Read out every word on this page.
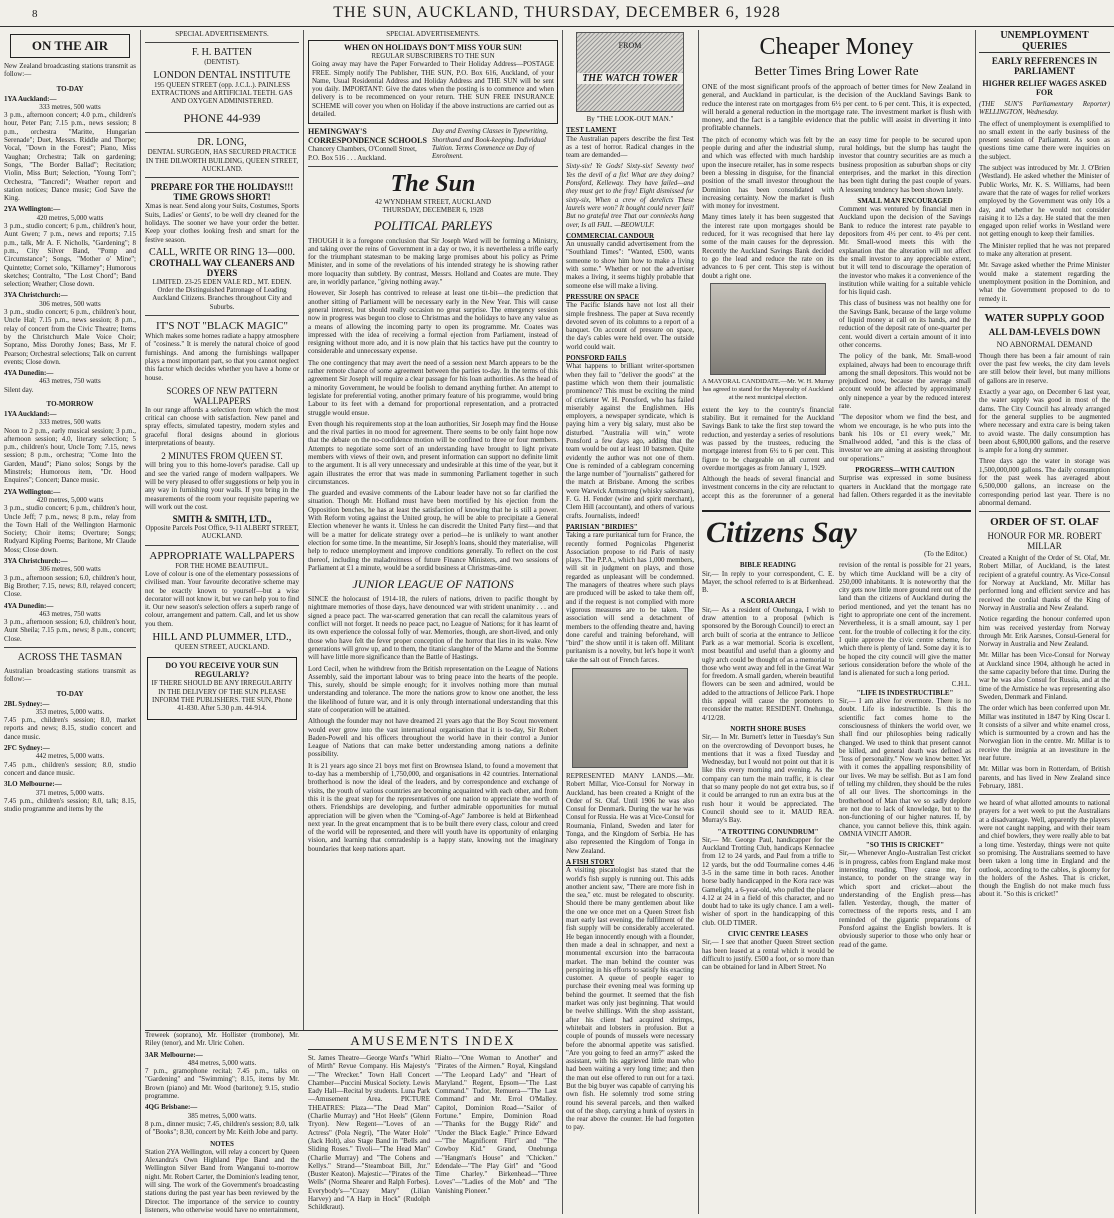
8	THE SUN, AUCKLAND, THURSDAY, DECEMBER 6, 1928
ON THE AIR

New Zealand broadcasting stations transmit as follow:—

TO-DAY
1YA Auckland:—
333 metres, 500 watts

3 p.m., afternoon concert; 4.0 p.m., children's hour, Peter Pan; 7.15 p.m., news session; 8 p.m., orchestra "Maritte, Hungarian Serenade"; Duet, Messrs. Riddle and Thorpe; Vocal, "Down in the Forest"; Piano, Miss Vaughan; Orchestra; Talk on gardening; Songs, "The Border Ballad"; Recitation; Violin, Miss Burt; Selection, "Young Tom"; Orchestra, "Tancredi"; Weather report and station notices; Dance music; God Save the King.

2YA Wellington:—
420 metres, 5,000 watts

3 p.m., studio concert; 6 p.m., children's hour, Aunt Gwen; 7 p.m., news and reports; 7.15 p.m., talk, Mr A. F. Nicholls, "Gardening"; 8 p.m., City Silver Band, "Pomp and Circumstance"; Songs, "Mother o' Mine"; Quintette; Cornet solo, "Killarney"; Humorous sketches; Contralto, "The Lost Chord"; Band selection; Weather; Close down.

3YA Christchurch:—
306 metres, 500 watts

3 p.m., studio concert; 6 p.m., children's hour, Uncle Hal; 7.15 p.m., news session; 8 p.m., relay of concert from the Civic Theatre; Items by the Christchurch Male Voice Choir; Soprano, Miss Dorothy Jones; Bass, Mr F. Pearson; Orchestral selections; Talk on current events; Close down.

4YA Dunedin:—
463 metres, 750 watts

Silent day.

TO-MORROW
1YA Auckland:—
333 metres, 500 watts

Noon to 2 p.m., early musical session; 3 p.m., afternoon session; 4.0, literary selection; 5 p.m., children's hour, Uncle Tom; 7.15, news session; 8 p.m., orchestra; "Come Into the Garden, Maud"; Piano solos; Songs by the Minstrels; Humorous item, "Dr. Hood Enquires"; Concert; Dance music.

2YA Wellington:—
420 metres, 5,000 watts

3 p.m., studio concert; 6 p.m., children's hour, Uncle Jeff; 7 p.m., news; 8 p.m., relay from the Town Hall of the Wellington Harmonic Society; Choir items; Overture; Songs; Rudyard Kipling Poems; Baritone, Mr Claude Moss; Close down.

3YA Christchurch:—
306 metres, 500 watts

3 p.m., afternoon session; 6.0, children's hour, Big Brother; 7.15, news; 8.0, relayed concert; Close.

4YA Dunedin:—
463 metres, 750 watts

3 p.m., afternoon session; 6.0, children's hour, Aunt Sheila; 7.15 p.m., news; 8 p.m., concert; Close.

ACROSS THE TASMAN

Australian broadcasting stations transmit as follow:—

TO-DAY
2BL Sydney:—
353 metres, 5,000 watts.

7.45 p.m., children's session; 8.0, market reports and news; 8.15, studio concert and dance music.

2FC Sydney:—
442 metres, 5,000 watts.

7.45 p.m., children's session; 8.0, studio concert and dance music.

3LO Melbourne:—
371 metres, 5,000 watts.

7.45 p.m., children's session; 8.0, talk; 8.15, studio programme and items by the

SPECIAL ADVERTISEMENTS.
F. H. BATTEN
(DENTIST).
LONDON DENTAL INSTITUTE

195 QUEEN STREET (opp. J.C.L.). PAINLESS EXTRACTIONS and ARTIFICIAL TEETH. GAS AND OXYGEN ADMINISTERED.

PHONE 44-939
DR. LONG,

DENTAL SURGEON, HAS SECURED PRACTICE IN THE DILWORTH BUILDING, QUEEN STREET, AUCKLAND.

PREPARE FOR THE HOLIDAYS!!! TIME GROWS SHORT!

Xmas is near. Send along your Suits, Costumes, Sports Suits, Ladies' or Gents', to be well dry cleaned for the holidays. The sooner we have your order the better. Keep your clothes looking fresh and smart for the festive season.

CALL, WRITE OR RING 13—000.
CROTHALL WAY CLEANERS AND DYERS

LIMITED. 23-25 EDEN VALE RD., MT. EDEN. Order the Distinguished Patronage of Leading Auckland Citizens. Branches throughout City and Suburbs.

IT'S NOT "BLACK MAGIC"

Which makes some homes radiate a happy atmosphere of "cosiness." It is merely the natural choice of good furnishings. And among the furnishings wallpaper plays a most important part, so that you cannot neglect this factor which decides whether you have a home or house.

SCORES OF NEW PATTERN WALLPAPERS

In our range affords a selection from which the most critical can choose with satisfaction. New panel and spray effects, simulated tapestry, modern styles and graceful floral designs abound in glorious interpretations of beauty.

2 MINUTES FROM QUEEN ST.

will bring you to this home-lover's paradise. Call up and see the varied range of modern wallpapers. We will be very pleased to offer suggestions or help you in any way in furnishing your walls. If you bring in the measurements of the room your requisite papering we will work out the cost.

SMITH & SMITH, LTD.,

Opposite Parcels Post Office, 9-11 ALBERT STREET, AUCKLAND.

APPROPRIATE WALLPAPERS
FOR THE HOME BEAUTIFUL.

Love of colour is one of the elementary possessions of civilised man. Your favourite decorative scheme may not be exactly known to yourself—but a wise decorator will not know it, but we can help you to find it. Our new season's selection offers a superb range of colour, arrangement and pattern. Call, and let us show you them.

HILL AND PLUMMER, LTD.,
QUEEN STREET, AUCKLAND.
DO YOU RECEIVE YOUR SUN REGULARLY?

IF THERE SHOULD BE ANY IRREGULARITY IN THE DELIVERY OF THE SUN PLEASE INFORM THE PUBLISHERS. THE SUN, Phone 41-830. After 5.30 p.m. 44-914.

SPECIAL ADVERTISEMENTS.
WHEN ON HOLIDAYS DON'T MISS YOUR SUN!
REGULAR SUBSCRIBERS TO THE SUN

Going away may have the Paper Forwarded to Their Holiday Address—POSTAGE FREE. Simply notify The Publisher, THE SUN, P.O. Box 616, Auckland, of your Name, Usual Residential Address and Holiday Address and THE SUN will be sent you daily. IMPORTANT: Give the dates when the posting is to commence and when delivery is to be recommenced on your return. THE SUN FREE INSURANCE SCHEME will cover you when on Holiday if the above instructions are carried out as detailed.

HEMINGWAY'S CORRESPONDENCE SCHOOLS
Chancery Chambers, O'Connell Street, P.O. Box 516 . . . Auckland.
Day and Evening Classes in Typewriting, Shorthand and Book-keeping. Individual Tuition. Terms Commence on Day of Enrolment.
The Sun
42 WYNDHAM STREET, AUCKLAND
THURSDAY, DECEMBER 6, 1928
POLITICAL PARLEYS

THOUGH it is a foregone conclusion that Sir Joseph Ward will be forming a Ministry, and taking over the reins of Government in a day or two, it is nevertheless a trifle early for the triumphant statesman to be making large promises about his policy as Prime Minister, and in some of the revelations of his intended strategy he is showing rather more loquacity than subtlety. By contrast, Messrs. Holland and Coates are mute. They are, in worldly parlance, "giving nothing away."

However, Sir Joseph has contrived to release at least one tit-bit—the prediction that another sitting of Parliament will be necessary early in the New Year. This will cause general interest, but should really occasion no great surprise. The emergency session now in progress was begun too close to Christmas and the holidays to have any value as a means of allowing the incoming party to open its programme. Mr. Coates was impressed with the idea of receiving a formal ejection from Parliament, instead of resigning without more ado, and it is now plain that his tactics have put the country to considerable and unnecessary expense.

The one contingency that may avert the need of a session next March appears to be the rather remote chance of some agreement between the parties to-day. In the terms of this agreement Sir Joseph will require a clear passage for his loan authorities. As the head of a minority Government, he would be foolish to demand anything further. An attempt to legislate for preferential voting, another primary feature of his programme, would bring Labour to its feet with a demand for proportional representation, and a protracted struggle would ensue.

Even though his requirements stop at the loan authorities, Sir Joseph may find the House and the rival parties in no mood for agreement. There seems to be only faint hope now that the debate on the no-confidence motion will be confined to three or four members. Attempts to negotiate some sort of an understanding have brought to light private members with views of their own, and present information can support no definite limit to the argument. It is all very unnecessary and undesirable at this time of the year, but it again illustrates the error that was made in summoning Parliament together in such circumstances.

The guarded and evasive comments of the Labour leader have not so far clarified the situation. Though Mr. Holland must have been mortified by his ejection from the Opposition benches, he has at least the satisfaction of knowing that he is still a power. With Reform voting against the United group, he will be able to precipitate a General Election whenever he wants it. Unless he can discredit the United Party first—and that will be a matter for delicate strategy over a period—he is unlikely to want another election for some time. In the meantime, Sir Joseph's loans, should they materialise, will help to reduce unemployment and improve conditions generally. To reflect on the cost thereof, including the maladroitness of future Finance Ministers, and two sessions of Parliament at £1 a minute, would be a sordid business at Christmas-time.

JUNIOR LEAGUE OF NATIONS

SINCE the holocaust of 1914-18, the rulers of nations, driven to pacific thought by nightmare memories of those days, have denounced war with strident unanimity . . . and signed a peace pact. The war-scarred generation that can recall the calamitous years of conflict will not forget. It needs no peace pact, no League of Nations; for it has learnt of its own experience the colossal folly of war. Memories, though, are short-lived, and only those who have felt the fever proper conception of the horror that lies in its wake. New generations will grow up, and to them, the titanic slaughter of the Marne and the Somme will have little more significance than the Battle of Hastings.

Lord Cecil, when he withdrew from the British representation on the League of Nations Assembly, said the important labour was to bring peace into the hearts of the people. This, surely, should be simple enough; for it involves nothing more than mutual understanding and tolerance. The more the nations grow to know one another, the less the likelihood of future war, and it is only through international understanding that this state of cooperation will be attained.

Although the founder may not have dreamed 21 years ago that the Boy Scout movement would ever grow into the vast international organisation that it is to-day, Sir Robert Baden-Powell and his officers throughout the world have in their control a Junior League of Nations that can make better understanding among nations a definite possibility.

It is 21 years ago since 21 boys met first on Brownsea Island, to found a movement that to-day has a membership of 1,750,000, and organisations in 42 countries. International brotherhood is now the ideal of the leaders, and by correspondence and exchange of visits, the youth of various countries are becoming acquainted with each other, and from this it is the great step for the representatives of one nation to appreciate the worth of others. Friendships are developing, and further admirable opportunities for mutual appreciation will be given when the "Coming-of-Age" Jamboree is held at Birkenhead next year. In the great encampment that is to be built there every class, colour and creed of the world will be represented, and there will youth have its opportunity of enlarging vision, and learning that comradeship is a happy state, knowing not the imaginary boundaries that keep nations apart.

Treweek (soprano), Mr. Hollister (trombone), Mr. Riley (tenor), and Mr. Ulric Cohen.

3AR Melbourne:—
484 metres, 5,000 watts.

7 p.m., gramophone recital; 7.45 p.m., talks on "Gardening" and "Swimming"; 8.15, items by Mr. Brown (piano) and Mr. Wood (baritone); 9.15, studio programme.

4QG Brisbane:—
385 metres, 5,000 watts.

8 p.m., dinner music; 7.45, children's session; 8.0, talk of "Books"; 8.30, concert by Mr. Keith Jobe and party.

NOTES

Station 2YA Wellington, will relay a concert by Queen Alexandra's Own Highland Pipe Band and the Wellington Silver Band from Wanganui to-morrow night. Mr. Robert Carter, the Dominion's leading tenor, will sing. The work of the Government's broadcasting stations during the past year has been reviewed by the Director. The importance of the service to country listeners, who otherwise would have no entertainment,

AMUSEMENTS INDEX

St. James Theatre—George Ward's "Whirl of Mirth" Revue Company. His Majesty's—"The Wrecker." Town Hall Concert Chamber—Puccini Musical Society. Lewis Eady Hall—Recital by students. Luna Park—Amusement Area. PICTURE THEATRES: Plaza—"The Dead Man" (Charlie Murray) and "Hot Heels" (Glenn Tryon). New Regent—"Loves of an Actress" (Pola Negri), "The Water Hole" (Jack Holt), also Stage Band in "Bells and Sliding Roses." Tivoli—"The Head Man" (Charlie Murray) and "The Cohens and Kellys." Strand—"Steamboat Bill, Jnr." (Buster Keaton). Majestic—"Pirates of the Wells" (Norma Shearer and Ralph Forbes). Everybody's—"Crazy Mary" (Lilian Harvey) and "A Harp in Hock" (Rudolph Schildkraut).

Rialto—"One Woman to Another" and "Pirates of the Airmen." Royal, Kingsland—"The Leopard Lady" and "Heart of Maryland." Regent, Epsom—"The Last Command." Tudor, Remuera—"The Last Command" and Mr. Errol O'Malley. Capitol, Dominion Road—"Sailor of Fortune." Empire, Dominion Road—"Thanks for the Buggy Ride" and "Under the Black Eagle." Prince Edward—"The Magnificent Flirt" and "The Cowboy Kid." Grand, Onehunga—"Hangman's House" and "Chicken." Edendale—"The Play Girl" and "Good Time Charley." Birkenhead—"Three Loves"—"Ladies of the Mob" and "The Vanishing Pioneer."

FROM
THE WATCH TOWER
By "THE LOOK-OUT MAN."
TEST LAMENT

The Australian papers describe the first Test as a test of horror. Radical changes in the team are demanded—

Sixty-six! Ye Gods! Sixty-six! Seventy two! Yes the devil of a fix! What are they doing? Ponsford, Kelleway. They have failed—and they must get to the fray! Eight dismissed for sixty-six, When a crew of derelicts These laurels were won? It bought could never fail! But no grateful tree That our conniecks hang over, Is all FAIL. —BEOWULF.

COMMERCIAL CANDOUR

An unusually candid advertisement from the "Southland Times": "Wanted, £500, wants someone to show him how to make a living with some." Whether or not the advertiser makes a living, it seems highly probable that someone else will make a living.

PRESSURE ON SPACE

The Pacific Islands have not lost all their simple freshness. The paper at Suva recently devoted seven of its columns to a report of a banquet. On account of pressure on space, the day's cables were held over. The outside world could wait.

PONSFORD FAILS

What happens to brilliant writer-sportsmen when they fail to "deliver the goods" at the pastime which won them their journalistic prominence? This must be exciting the mind of cricketer W. H. Ponsford, who has failed miserably against the Englishmen. His employers, a newspaper syndicate, which is paying him a very big salary, must also be disturbed. "Australia will win," wrote Ponsford a few days ago, adding that the team would be out at least 10 batsmen. Quite evidently the author was not one of them. One is reminded of a cablegram concerning the large number of "journalists" gathered for the match at Brisbane. Among the scribes were Warwick Armstrong (whisky salesman), F. G. H. Fender (wine and spirit merchant), Clem Hill (accountant), and others of various crafts. Journalists, indeed!

PARISIAN "BIRDIES"

Taking a rare puritanical turn for France, the recently formed Pognicolas Phgenerist Association propose to rid Paris of nasty plays. The P.P.A., which has 1,000 members, will sit in judgment on plays, and those regarded as unpleasant will be condemned. The managers of theatres where such plays are produced will be asked to take them off, and if the request is not complied with more vigorous measures are to be taken. The association will send a detachment of members to the offending theatre and, having done careful and training beforehand, will "bird" the show until it is taken off. Militant puritanism is a novelty, but let's hope it won't take the salt out of French farces.

REPRESENTED MANY LANDS.—Mr. Robert Millar, Vice-Consul for Norway in Auckland, has been created a Knight of the Order of St. Olaf. Until 1906 he was also Consul for Denmark. During the war he was Consul for Russia. He was at Vice-Consul for Roumania, Finland, Sweden and later for Tonga, and the Kingdom of Serbia. He has also represented the Kingdom of Tonga in New Zealand.

A FISH STORY

A visiting piscatologist has stated that the world's fish supply is running out. This adds another ancient saw, "There are more fish in the sea," etc. must be relegated to obscurity. Should there be many gentlemen about like the one we once met on a Queen Street fish mart early last evening, the fulfilment of the fish supply will be considerably accelerated. He began innocently enough with a flounder, then made a deal in schnapper, and next a monumental excursion into the barracouta market. The man behind the counter was perspiring in his efforts to satisfy his exacting customer. A queue of people eager to purchase their evening meal was forming up behind the gourmet. It seemed that the fish market was only just beginning. That would be twelve shillings. With the shop assistant, after his client had acquired shrimps, whitebait and lobsters in profusion. But a couple of pounds of mussels were necessary before the abnormal appetite was satisfied. "Are you going to feed an army?" asked the assistant, with his aggrieved little man who had been waiting a very long time; and then the man out else offered to run out for a taxi. But the big buyer was capable of carrying his own fish. He solemnly trod some string round his several parcels, and then walked out of the shop, carrying a hunk of oysters in the rear above the counter. He had forgotten to pay.

Cheaper Money
Better Times Bring Lower Rate

ONE of the most significant proofs of the approach of better times for New Zealand in general, and Auckland in particular, is the decision of the Auckland Savings Bank to reduce the interest rate on mortgages from 6½ per cent. to 6 per cent. This, it is expected, will herald a general reduction in the mortgage rate. The investment market is flush with money, and the fact is a tangible evidence that the public will assist in diverting it into profitable channels.

The pitch of economy which was felt by the people during and after the industrial slump, and which was effected with much hardship upon the insecure retailer, has in some respects been a blessing in disguise, for the financial position of the small investor throughout the Dominion has been consolidated with increasing certainty. Now the market is flush with money for investment.

Many times lately it has been suggested that the interest rate upon mortgages should be reduced, for it was recognised that here lay some of the main causes for the depression. Recently the Auckland Savings Bank decided to go the lead and reduce the rate on its advances to 6 per cent. This step is without doubt a right one.

A MAYORAL CANDIDATE.—Mr. W. H. Murray has agreed to stand for the Mayoralty of Auckland at the next municipal election.

extent the key to the country's financial stability. But it remained for the Auckland Savings Bank to take the first step toward the reduction, and yesterday a series of resolutions was passed by the trustees, reducing the mortgage interest from 6½ to 6 per cent. This figure to be chargeable on all current and overdue mortgages as from January 1, 1929.

Although the heads of several financial and investment concerns in the city are reluctant to accept this as the forerunner of a general

an easy time for people to be secured upon rural holdings, but the slump has taught the investor that country securities are as much a business proposition as suburban shops or city enterprises, and the market in this direction has been tight during the past couple of years. A lessening tendency has been shown lately.

SMALL MAN ENCOURAGED

Comment was ventured by financial men in Auckland upon the decision of the Savings Bank to reduce the interest rate payable to depositors from 4½ per cent. to 4¼ per cent. Mr. Small-wood meets this with the explanation that the alteration will not affect the small investor to any appreciable extent, but it will tend to discourage the operation of the investor who makes it a convenience of the institution while waiting for a suitable vehicle for his liquid cash.

This class of business was not healthy one for the Savings Bank, because of the large volume of liquid money at call on its hands, and the reduction of the deposit rate of one-quarter per cent. would divert a certain amount of it into other concerns.

The policy of the bank, Mr. Small-wood explained, always had been to encourage thrift among the small depositors. This would not be prejudiced now, because the average small account would be affected by approximately only ninepence a year by the reduced interest rate.

"The depositor whom we find the best, and whom we encourage, is he who puts into the bank his 10s or £1 every week," Mr. Smallwood added, "and this is the class of investor we are aiming at assisting throughout our operations."

PROGRESS—WITH CAUTION

Surprise was expressed in some business quarters in Auckland that the mortgage rate had fallen. Others regarded it as the inevitable

Citizens Say
(To the Editor.)
BIBLE READING

Sir,— In reply to your correspondent, C. E. Mayer, the school referred to is at Birkenhead. B.

A SCORIA ARCH

Sir,— As a resident of Onehunga, I wish to draw attention to a proposal (which is sponsored by the Borough Council) to erect an arch built of scoria at the entrance to Jellicoe Park as a war memorial. Scoria is excellent, most beautiful and useful than a gloomy and ugly arch could be thought of as a memorial to those who went away and fell in the Great War for freedom. A small garden, wherein beautiful flowers can be seen and admired, would be added to the attractions of Jellicoe Park. I hope this appeal will cause the promoters to reconsider the matter. RESIDENT. Onehunga, 4/12/28.

NORTH SHORE BUSES

Sir,— In Mr. Burnett's letter in Tuesday's Sun on the overcrowding of Devonport buses, he mentions that it was a fixed Tuesday and Wednesday, but I would not point out that it is like this every morning and evening. As the company can turn the main traffic, it is clear that so many people do not get extra bus, so if it could be arranged to run an extra bus at the rush hour it would be appreciated. The Council should see to it. MAUD REA. Murray's Bay.

"A TROTTING CONUNDRUM"

Sir,— Mr. George Paul, handicapper for the Auckland Trotting Club, handicaps Kennaclee from 12 to 24 yards, and Paul from a trifle to 12 yards, but the odd Tourmaline comes 4.46 3-5 in the same time in both races. Another horse badly handicapped in the Kora race was Gamelight, a 6-year-old, who pulled the placer 4.12 at 24 in a field of this character, and no doubt had to take its ugly chance. I am a well-wisher of sport in the handicapping of this club. OLD TIMER.

CIVIC CENTRE LEASES

Sir,— I see that another Queen Street section has been leased at a rental which it would be difficult to justify. £500 a foot, or so more than can be obtained for land in Albert Street. No

revision of the rental is possible for 21 years, by which time Auckland will be a city of 250,000 inhabitants. It is noteworthy that the city gets now little more ground rent out of the land than the citizens of Auckland during the period mentioned, and yet the tenant has no right to appropriate one cent of the increment. Nevertheless, it is a small amount, say 1 per cent. for the trouble of collecting it for the city. I quite approve the civic centre scheme, for which there is plenty of land. Some day it is to be hoped the city council will give the matter serious consideration before the whole of the land is alienated for such a long period.

C.H.L.
"LIFE IS INDESTRUCTIBLE"

Sir,— I am alive for evermore. There is no doubt. Life is indestructible. Is this the scientific fact comes home to the consciousness of thinkers the world over, we shall find our philosophies being radically changed. We used to think that present cannot be killed, and general death was defined as "loss of personality." Now we know better. Yet with it comes the appalling responsibility of our lives. We may be selfish. But as I am fond of telling my children, they should be the rules of all our lives. The shortcomings in the brotherhood of Man that we so sadly deplore are not due to lack of knowledge, but to the non-functioning of our higher natures. If, by chance, you cannot believe this, think again. OMNIA VINCIT AMOR.

"SO THIS IS CRICKET"

Sir,— Whenever Anglo-Australian Test cricket is in progress, cables from England make most interesting reading. They cause me, for instance, to ponder on the strange way in which sport and cricket—about the understanding of the English press—has fallen. Yesterday, though, the matter of correctness of the reports rests, and I am reminded of the gigantic preparations of Ponsford against the English bowlers. It is obviously superior to those who only hear or read of the game.

UNEMPLOYMENT QUERIES
EARLY REFERENCES IN PARLIAMENT
HIGHER RELIEF WAGES ASKED FOR

(THE SUN'S Parliamentary Reporter) WELLINGTON, Wednesday.

The effect of unemployment is exemplified to no small extent in the early business of the present session of Parliament. As soon as questions time came there were inquiries on the subject.

The subject was introduced by Mr. J. O'Brien (Westland). He asked whether the Minister of Public Works, Mr. K. S. Williams, had been aware that the rate of wages for relief workers employed by the Government was only 10s a day, and whether he would not consider raising it to 12s a day. He stated that the men engaged upon relief works in Westland were not getting enough to keep their families.

The Minister replied that he was not prepared to make any alteration at present.

Mr. Savage asked whether the Prime Minister would make a statement regarding the unemployment position in the Dominion, and what the Government proposed to do to remedy it.

WATER SUPPLY GOOD
ALL DAM-LEVELS DOWN
NO ABNORMAL DEMAND

Though there has been a fair amount of rain over the past few weeks, the city dam levels are still below their level, but many millions of gallons are in reserve.

Exactly a year ago, on December 6 last year, the water supply was good in most of the dams. The City Council has already arranged for the general supplies to be augmented where necessary and extra care is being taken to avoid waste. The daily consumption has been about 6,800,000 gallons, and the reserve is ample for a long dry summer.

Three days ago the water in storage was 1,500,000,000 gallons. The daily consumption for the past week has averaged about 6,500,000 gallons, an increase on the corresponding period last year. There is no abnormal demand.

ORDER OF ST. OLAF
HONOUR FOR MR. ROBERT MILLAR

Created a Knight of the Order of St. Olaf, Mr. Robert Millar, of Auckland, is the latest recipient of a grateful country. As Vice-Consul for Norway at Auckland, Mr. Millar has performed long and efficient service and has received the cordial thanks of the King of Norway in Australia and New Zealand.

Notice regarding the honour conferred upon him was received yesterday from Norway through Mr. Erik Aarsnes, Consul-General for Norway in Australia and New Zealand.

Mr. Millar has been Vice-Consul for Norway at Auckland since 1904, although he acted in the same capacity before that time. During the war he was also Consul for Russia, and at the time of the Armistice he was representing also Sweden, Denmark and Finland.

The order which has been conferred upon Mr. Millar was instituted in 1847 by King Oscar I. It consists of a silver and white enamel cross, which is surmounted by a crown and has the Norwegian lion in the centre. Mr. Millar is to receive the insignia at an investiture in the near future.

Mr. Millar was born in Rotterdam, of British parents, and has lived in New Zealand since February, 1881.

we heard of what allotted amounts to national prayers for a wet week to put the Australians at a disadvantage. Well, apparently the players were not caught napping, and with their team and chief bowlers, they were really able to bat a long time. Yesterday, things were not quite so promising. The Australians seemed to have been taken a long time in England and the outlook, according to the cables, is gloomy for the holders of the Ashes. That is cricket, though the English do not make much fuss about it. "So this is cricket!"
